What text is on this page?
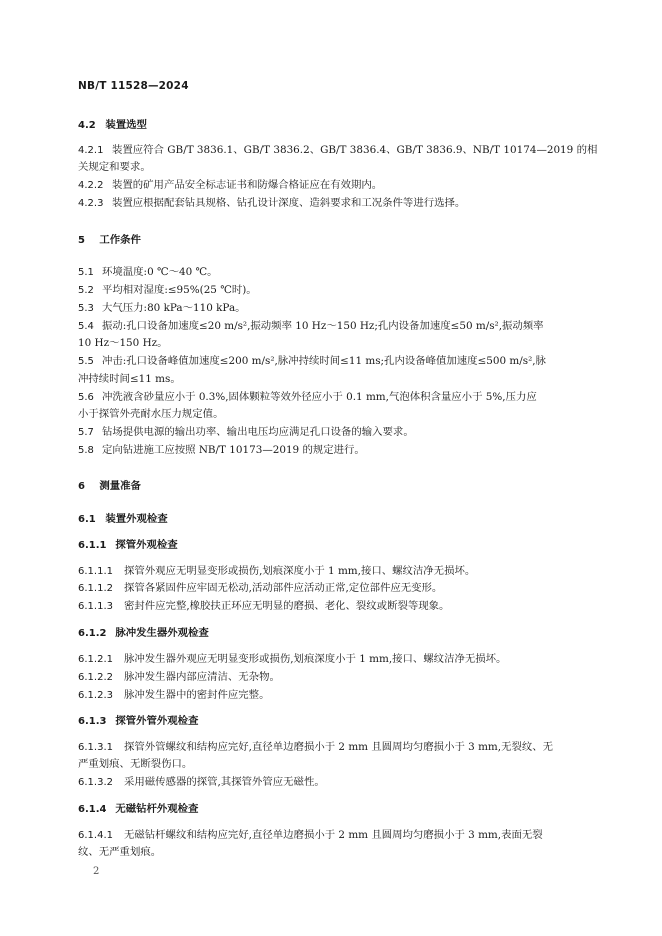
NB/T 11528—2024
4.2 装置选型
4.2.1 装置应符合 GB/T 3836.1、GB/T 3836.2、GB/T 3836.4、GB/T 3836.9、NB/T 10174—2019 的相
关规定和要求。
4.2.2 装置的矿用产品安全标志证书和防爆合格证应在有效期内。
4.2.3 装置应根据配套钻具规格、钻孔设计深度、造斜要求和工况条件等进行选择。
5 工作条件
5.1 环境温度:0 ℃～40 ℃。
5.2 平均相对湿度:≤95%(25 ℃时)。
5.3 大气压力:80 kPa～110 kPa。
5.4 振动:孔口设备加速度≤20 m/s²,振动频率 10 Hz～150 Hz;孔内设备加速度≤50 m/s²,振动频率
10 Hz～150 Hz。
5.5 冲击:孔口设备峰值加速度≤200 m/s²,脉冲持续时间≤11 ms;孔内设备峰值加速度≤500 m/s²,脉
冲持续时间≤11 ms。
5.6 冲洗液含砂量应小于 0.3%,固体颗粒等效外径应小于 0.1 mm,气泡体积含量应小于 5%,压力应
小于探管外壳耐水压力规定值。
5.7 钻场提供电源的输出功率、输出电压均应满足孔口设备的输入要求。
5.8 定向钻进施工应按照 NB/T 10173—2019 的规定进行。
6 测量准备
6.1 装置外观检查
6.1.1 探管外观检查
6.1.1.1 探管外观应无明显变形或损伤,划痕深度小于 1 mm,接口、螺纹洁净无损坏。
6.1.1.2 探管各紧固件应牢固无松动,活动部件应活动正常,定位部件应无变形。
6.1.1.3 密封件应完整,橡胶扶正环应无明显的磨损、老化、裂纹或断裂等现象。
6.1.2 脉冲发生器外观检查
6.1.2.1 脉冲发生器外观应无明显变形或损伤,划痕深度小于 1 mm,接口、螺纹洁净无损坏。
6.1.2.2 脉冲发生器内部应清洁、无杂物。
6.1.2.3 脉冲发生器中的密封件应完整。
6.1.3 探管外管外观检查
6.1.3.1 探管外管螺纹和结构应完好,直径单边磨损小于 2 mm 且圆周均匀磨损小于 3 mm,无裂纹、无
严重划痕、无断裂伤口。
6.1.3.2 采用磁传感器的探管,其探管外管应无磁性。
6.1.4 无磁钻杆外观检查
6.1.4.1 无磁钻杆螺纹和结构应完好,直径单边磨损小于 2 mm 且圆周均匀磨损小于 3 mm,表面无裂
纹、无严重划痕。
2
